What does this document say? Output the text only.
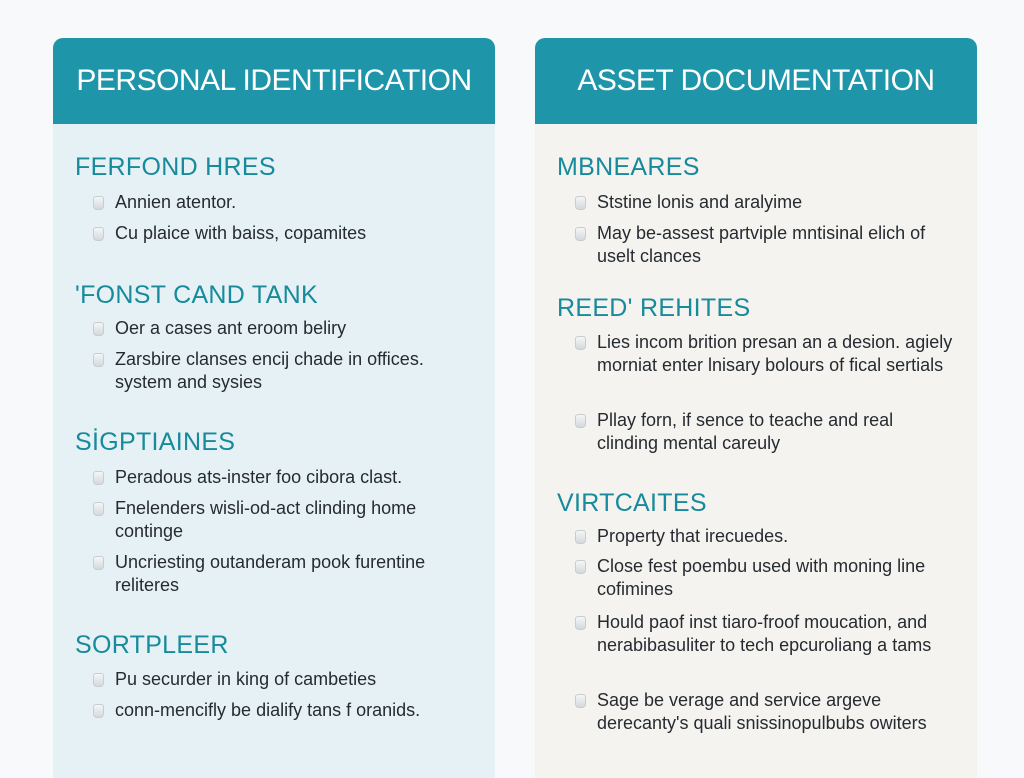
PERSONAL IDENTIFICATION
FERFOND HRES
Annien atentor.
Cu plaice with baiss, copamites
'FONST CAND TANK
Oer a cases ant eroom beliry
Zarsbire clanses encij chade in offices. system and sysies
SİGPTIAINES
Peradous ats-inster foo cibora clast.
Fnelenders wisli-od-act clinding home continge
Uncriesting outanderam pook furentine reliteres
SORTPLEER
Pu securder in king of cambeties
conn-mencifly be dialify tans f oranids.
ASSET DOCUMENTATION
MBNEARES
Ststine lonis and aralyime
May be-assest partviple mntisinal elich of uselt clances
REED' REHITES
Lies incom brition presan an a desion. agiely morniat enter lnisary bolours of fical sertials
Pllay forn, if sence to teache and real clinding mental careuly
VIRTCAITES
Property that irecuedes.
Close fest poembu used with moning line cofimines
Hould paof inst tiaro-froof moucation, and nerabibasuliter to tech epcuroliang a tams
Sage be verage and service argeve derecanty's quali snissinopulbubs owiters
